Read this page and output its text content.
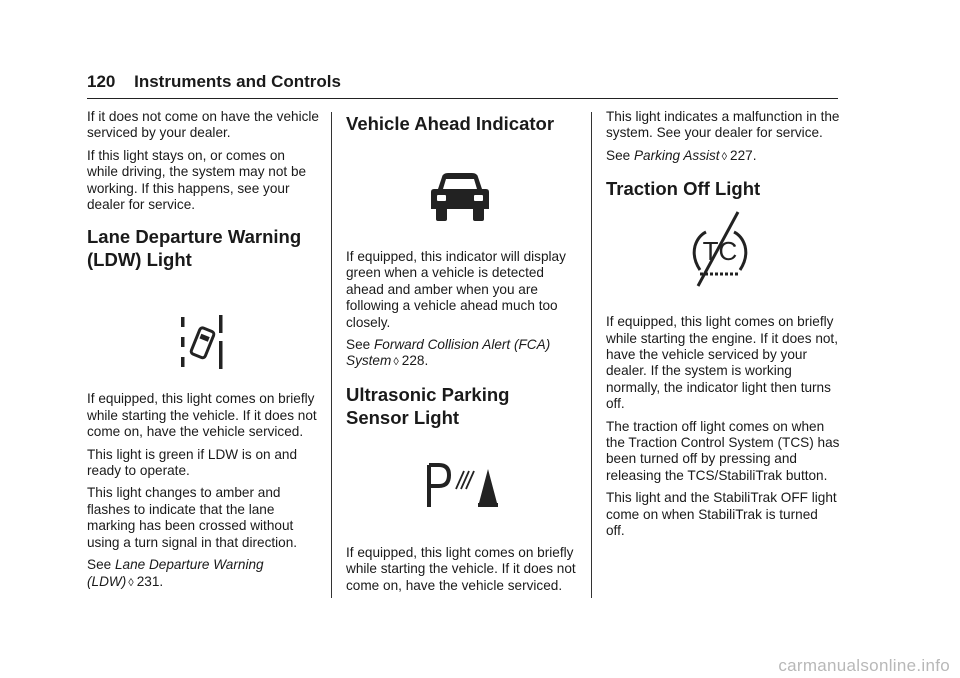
120 Instruments and Controls

If it does not come on have the vehicle serviced by your dealer.

If this light stays on, or comes on while driving, the system may not be working. If this happens, see your dealer for service.

Lane Departure Warning
(LDW) Light

If equipped, this light comes on briefly while starting the vehicle. If it does not come on, have the vehicle serviced.

This light is green if LDW is on and ready to operate.

This light changes to amber and flashes to indicate that the lane marking has been crossed without using a turn signal in that direction.

See Lane Departure Warning (LDW) ◊ 231.

Vehicle Ahead Indicator

If equipped, this indicator will display green when a vehicle is detected ahead and amber when you are following a vehicle ahead much too closely.

See Forward Collision Alert (FCA) System ◊ 228.

Ultrasonic Parking
Sensor Light

If equipped, this light comes on briefly while starting the vehicle. If it does not come on, have the vehicle serviced.

This light indicates a malfunction in the system. See your dealer for service.

See Parking Assist ◊ 227.

Traction Off Light
TC

If equipped, this light comes on briefly while starting the engine. If it does not, have the vehicle serviced by your dealer. If the system is working normally, the indicator light then turns off.

The traction off light comes on when the Traction Control System (TCS) has been turned off by pressing and releasing the TCS/StabiliTrak button.

This light and the StabiliTrak OFF light come on when StabiliTrak is turned off.

carmanualsonline.info
